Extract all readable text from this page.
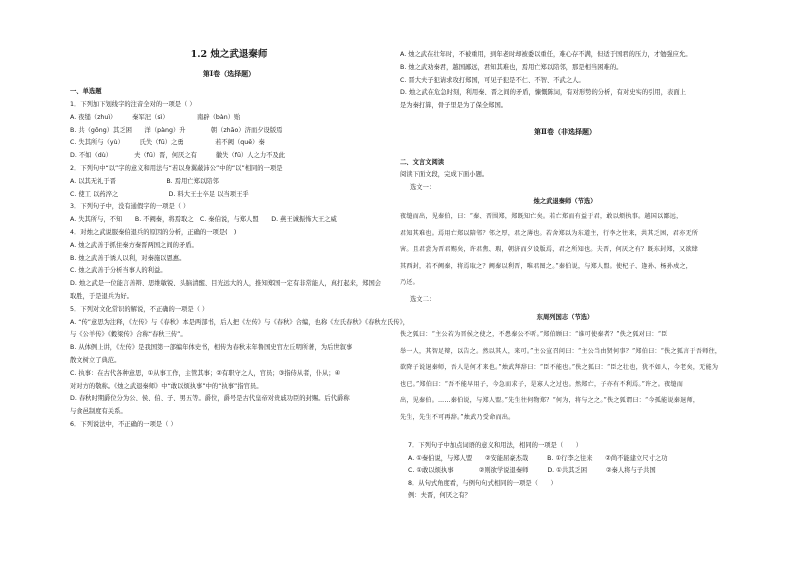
1.2 烛之武退秦师
第Ⅰ卷（选择题）
一、单选题
1．下列加下划线字的注音全对的一项是（ ）
A. 夜缒（zhuì）　　　秦军汜（sì）　　　　　南辟（bàn）贻
B. 共（gōng）其乏困　　洋（pàng）升　　　　朝（zhāo）济而夕设版焉
C. 失其所与（yù）　　　氏失（fū）之勇　　　　　若不阙（quē）秦
D. 不如（dù）　　　　夫（fū）晋，何厌之有　　　徽失（fū）人之力不及此
2．下列句中“以”字的意义和用法与“若以身翼蔽沛公”中的“以”相同的一项是
A. 以其无礼于晋　　　　　　　　B. 焉用亡郑以陪邻
C. 使工 以药淬之　　　　　　　　D. 料大王士卒足 以当项王乎
3．下列句子中，没有通假字的一项是（ ）
A. 失其所与，不知　　B. 不阙秦，将焉取之　C. 秦伯说，与郑人盟　　D. 燕王诚振怖大王之威
4．对烛之武说服秦伯退兵的原因的分析，正确的一项是(　)
A. 烛之武善于抓住秦方秦晋两国之间的矛盾。
B. 烛之武善于诱人以利，对秦施以恩惠。
C. 烛之武善于分析当事人的利益。
D. 烛之武是一位能言善辩、思维敏锐、头脑清醒、目光远大的人，推知郑国一定有非常能人，真打起来，郑国会
取胜，于是退兵为好。
5．下列对文化常识的解说，不正确的一项是（ ）
A. “传”意思为注释，《左传》与《春秋》本是两部书，后人把《左传》与《春秋》合编，也称《左氏春秋》《春秋左氏传》，
与《公羊传》《穀梁传》合称“春秋三传”。
B. 从体例上讲，《左传》是我国第一部编年体史书，相传为春秋末年鲁国史官左丘明所著，为后世叙事
散文树立了典范。
C. 执事：在古代各种意思，①从事工作，主管其事；②有职守之人，官员；③指侍从者，仆从；④
对对方的敬称。《烛之武退秦师》中“敢以烦执事”中的“执事”指官员。
D. 春秋时期爵位分为公、侯、伯、子、男五等。爵位，爵号是古代皇帝对贵戚功臣的封赐。后代爵称
与食邑制度有关系。
6．下列说法中，不正确的一项是（ ）
A. 烛之武在壮年时，不被重用，到年老时却被委以重任，难心存不满，但适于国君的压力，才勉强应允。
B. 烛之武劝秦君，越国鄙远，君知其难也，焉用亡郑以陪邻，那是相当困难的。
C. 晋大夫子犯请求攻打郑国，可见子犯是不仁、不智、不武之人。
D. 烛之武在危急时刻，利用秦、晋之间的矛盾，慷慨陈词，有对形势的分析，有对史实的引用，表面上
是为秦打算，骨子里是为了保全郑国。
第Ⅱ卷（非选择题）
二、文言文阅读
阅读下面文段，完成下面小题。
选文一：
烛之武退秦师（节选）
夜缒而出，见秦伯，曰：“秦、晋围郑，郑既知亡矣。若亡郑而有益于君，敢以烦执事。越国以鄙远，
君知其难也。焉用亡郑以陪邻？邻之厚，君之薄也。若舍郑以为东道主，行李之往来，共其乏困，君亦无所
害。且君尝为晋君赐矣，许君焦、瑕，朝济而夕设版焉，君之所知也。夫晋，何厌之有？既东封郑，又欲肆
其西封，若不阙秦，将焉取之？阙秦以利晋，唯君图之。”秦伯说，与郑人盟。使杞子、逢孙、杨孙戍之，
乃还。
选文二：
东周列国志（节选）
佚之狐曰：“主公若为晋侯之使之，不患秦公不听。”郑伯顾曰：“谁可使秦者？”佚之狐对曰：“臣
举一人，其智足辩，以告之。然以其人，来可。”主公宣召问曰：“主公当由贤何事？”郑伯曰：“佚之狐言于吾师往，
欲降子说退秦师，吾人是何才来也。”烛武拜辞曰：“臣不能也。”佚之狐曰：“臣之壮也，犹不如人，今老矣，无能为
也已。”郑伯曰：“吾不能早用子，今急而求子，是寡人之过也。然郑亡，子亦有不利焉。”许之。夜缒而
出，见秦伯。……秦伯说，与郑人盟。”先生往何物郑？“何为，将与之之。”佚之狐谓曰：“今孤能说秦退师，
先生，先生不可再辞。”烛武乃受命而出。
7．下列句子中加点词语的意义和用法，相同的一项是（　　）
A. ①秦伯说，与郑人盟　　②安能屈豪杰哉　　　B. ①行李之往来　　②尚不能建立尺寸之功
C. ①敢以烦执事　　　　②则欲学说退秦师　　　D. ①共其乏困　　　②秦人将与子共国
8．从句式角度看，与例句句式相同的一项是（　　）
例：夫晋，何厌之有？
